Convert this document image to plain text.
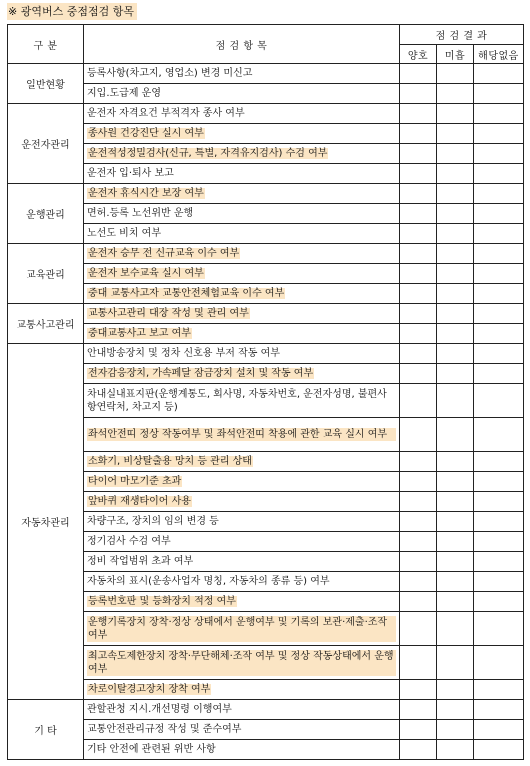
※ 광역버스 중점점검 항목
구 분	점 검 항 목	점 검 결 과		
		양호	미흡	해당없음
일반현황	등록사항(차고지, 영업소) 변경 미신고			
	지입.도급제 운영			
운전자관리	운전자 자격요건 부적격자 종사 여부			
	종사원 건강진단 실시 여부			
	운전적성정밀검사(신규, 특별, 자격유지검사) 수검 여부			
	운전자 입·퇴사 보고			
운행관리	운전자 휴식시간 보장 여부			
	면허.등록 노선위반 운행			
	노선도 비치 여부			
교육관리	운전자 승무 전 신규교육 이수 여부			
	운전자 보수교육 실시 여부			
	중대 교통사고자 교통안전체험교육 이수 여부			
교통사고관리	교통사고관리 대장 작성 및 관리 여부			
	중대교통사고 보고 여부			
자동차관리	안내방송장치 및 정차 신호용 부저 작동 여부			
	전자감응장치, 가속페달 잠금장치 설치 및 작동 여부			
	차내실내표지판(운행계통도, 회사명, 자동차번호, 운전자성명, 불편사항연락처, 차고지 등)			

	좌석안전띠 정상 작동여부 및 좌석안전띠 착용에 관한 교육 실시 여부			

	소화기, 비상탈출용 망치 등 관리 상태			
	타이어 마모기준 초과			
	앞바퀴 재생타이어 사용			
	차량구조, 장치의 임의 변경 등			
	정기검사 수검 여부			
	정비 작업범위 초과 여부			
	자동차의 표시(운송사업자 명칭, 자동차의 종류 등) 여부			
	등록번호판 및 등화장치 적정 여부			

	운행기록장치 장착·정상 상태에서 운행여부 및 기록의 보관·제출·조작 여부			

	최고속도제한장치 장착·무단해체·조작 여부 및 정상 작동상태에서 운행 여부			

	차로이탈경고장치 장착 여부			
기 타	관할관청 지시.개선명령 이행여부			
	교통안전관리규정 작성 및 준수여부			
	기타 안전에 관련된 위반 사항			
